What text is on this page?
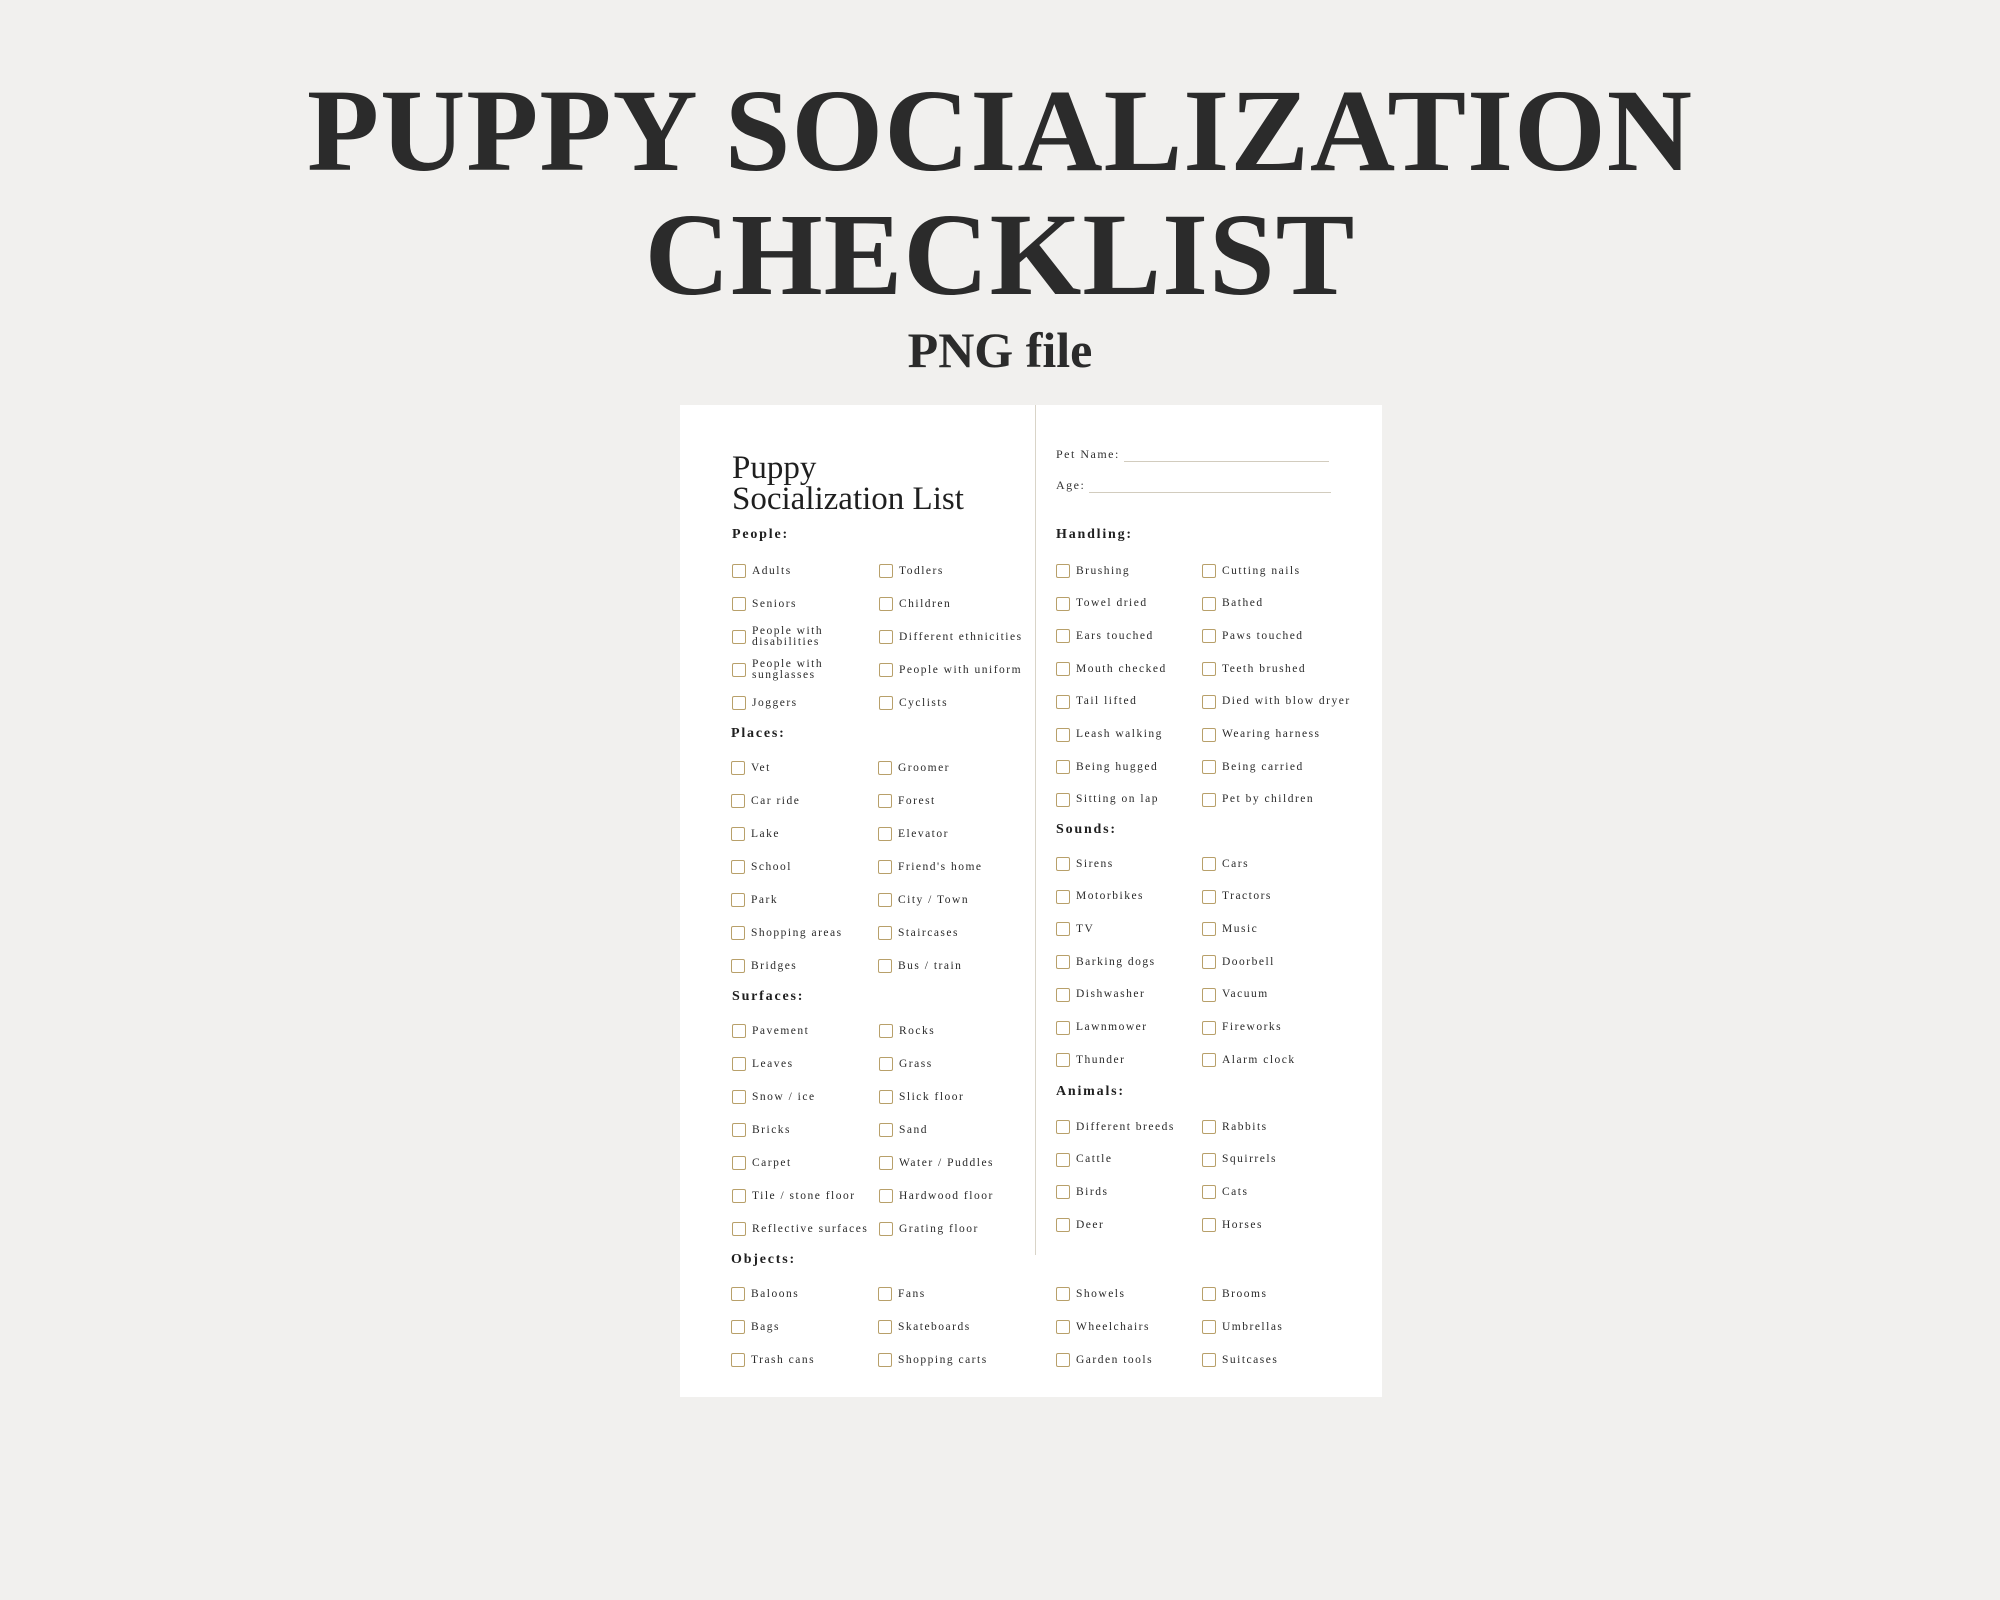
PUPPY SOCIALIZATION
CHECKLIST
PNG file
Puppy
Socialization List
Pet Name:
Age:
People:
Adults	Todlers
Seniors	Children
People with disabilities	Different ethnicities
People with sunglasses	People with uniform
Joggers	Cyclists
Places:
Vet	Groomer
Car ride	Forest
Lake	Elevator
School	Friend's home
Park	City / Town
Shopping areas	Staircases
Bridges	Bus / train
Surfaces:
Pavement	Rocks
Leaves	Grass
Snow / ice	Slick floor
Bricks	Sand
Carpet	Water / Puddles
Tile / stone floor	Hardwood floor
Reflective surfaces	Grating floor
Handling:
Brushing	Cutting nails
Towel dried	Bathed
Ears touched	Paws touched
Mouth checked	Teeth brushed
Tail lifted	Died with blow dryer
Leash walking	Wearing harness
Being hugged	Being carried
Sitting on lap	Pet by children
Sounds:
Sirens	Cars
Motorbikes	Tractors
TV	Music
Barking dogs	Doorbell
Dishwasher	Vacuum
Lawnmower	Fireworks
Thunder	Alarm clock
Animals:
Different breeds	Rabbits
Cattle	Squirrels
Birds	Cats
Deer	Horses
Objects:
Baloons	Fans	Showels	Brooms
Bags	Skateboards	Wheelchairs	Umbrellas
Trash cans	Shopping carts	Garden tools	Suitcases
